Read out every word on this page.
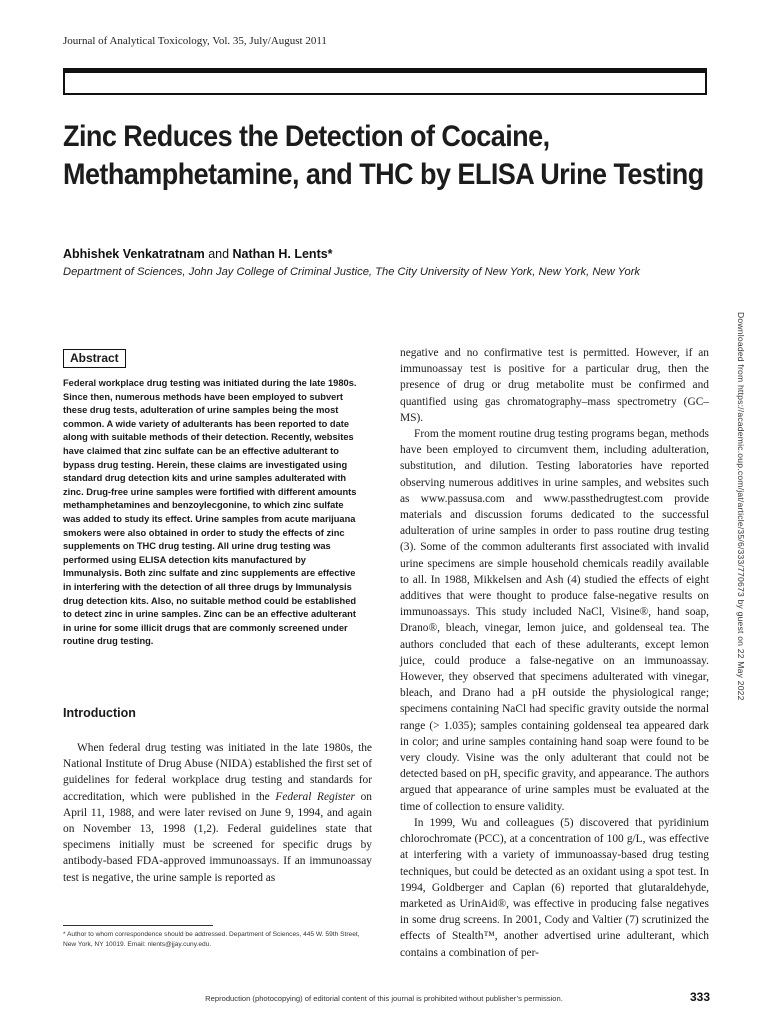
Journal of Analytical Toxicology, Vol. 35, July/August 2011
Zinc Reduces the Detection of Cocaine,
Methamphetamine, and THC by ELISA Urine Testing
Abhishek Venkatratnam and Nathan H. Lents*
Department of Sciences, John Jay College of Criminal Justice, The City University of New York, New York, New York
Abstract

Federal workplace drug testing was initiated during the late 1980s. Since then, numerous methods have been employed to subvert these drug tests, adulteration of urine samples being the most common. A wide variety of adulterants has been reported to date along with suitable methods of their detection. Recently, websites have claimed that zinc sulfate can be an effective adulterant to bypass drug testing. Herein, these claims are investigated using standard drug detection kits and urine samples adulterated with zinc. Drug-free urine samples were fortified with different amounts methamphetamines and benzoylecgonine, to which zinc sulfate was added to study its effect. Urine samples from acute marijuana smokers were also obtained in order to study the effects of zinc supplements on THC drug testing. All urine drug testing was performed using ELISA detection kits manufactured by Immunalysis. Both zinc sulfate and zinc supplements are effective in interfering with the detection of all three drugs by Immunalysis drug detection kits. Also, no suitable method could be established to detect zinc in urine samples. Zinc can be an effective adulterant in urine for some illicit drugs that are commonly screened under routine drug testing.

Introduction

When federal drug testing was initiated in the late 1980s, the National Institute of Drug Abuse (NIDA) established the first set of guidelines for federal workplace drug testing and standards for accreditation, which were published in the Federal Register on April 11, 1988, and were later revised on June 9, 1994, and again on November 13, 1998 (1,2). Federal guidelines state that specimens initially must be screened for specific drugs by antibody-based FDA-approved immunoassays. If an immunoassay test is negative, the urine sample is reported as

* Author to whom correspondence should be addressed. Department of Sciences, 445 W. 59th Street, New York, NY 10019. Email: nlents@jjay.cuny.edu.

negative and no confirmative test is permitted. However, if an immunoassay test is positive for a particular drug, then the presence of drug or drug metabolite must be confirmed and quantified using gas chromatography–mass spectrometry (GC–MS).

From the moment routine drug testing programs began, methods have been employed to circumvent them, including adulteration, substitution, and dilution. Testing laboratories have reported observing numerous additives in urine samples, and websites such as www.passusa.com and www.passthedrugtest.com provide materials and discussion forums dedicated to the successful adulteration of urine samples in order to pass routine drug testing (3). Some of the common adulterants first associated with invalid urine specimens are simple household chemicals readily available to all. In 1988, Mikkelsen and Ash (4) studied the effects of eight additives that were thought to produce false-negative results on immunoassays. This study included NaCl, Visine®, hand soap, Drano®, bleach, vinegar, lemon juice, and goldenseal tea. The authors concluded that each of these adulterants, except lemon juice, could produce a false-negative on an immunoassay. However, they observed that specimens adulterated with vinegar, bleach, and Drano had a pH outside the physiological range; specimens containing NaCl had specific gravity outside the normal range (> 1.035); samples containing goldenseal tea appeared dark in color; and urine samples containing hand soap were found to be very cloudy. Visine was the only adulterant that could not be detected based on pH, specific gravity, and appearance. The authors argued that appearance of urine samples must be evaluated at the time of collection to ensure validity.

In 1999, Wu and colleagues (5) discovered that pyridinium chlorochromate (PCC), at a concentration of 100 g/L, was effective at interfering with a variety of immunoassay-based drug testing techniques, but could be detected as an oxidant using a spot test. In 1994, Goldberger and Caplan (6) reported that glutaraldehyde, marketed as UrinAid®, was effective in producing false negatives in some drug screens. In 2001, Cody and Valtier (7) scrutinized the effects of Stealth™, another advertised urine adulterant, which contains a combination of per-

Downloaded from https://academic.oup.com/jat/article/35/6/333/770673 by guest on 22 May 2022
Reproduction (photocopying) of editorial content of this journal is prohibited without publisher’s permission.	333
